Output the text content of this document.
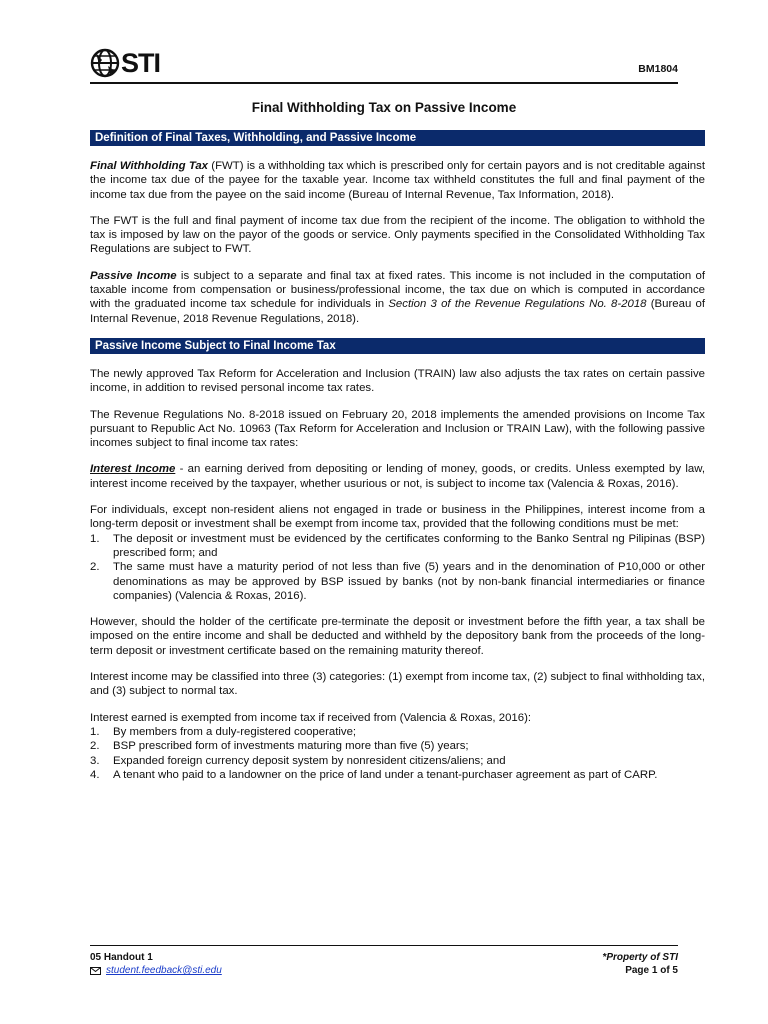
STI	BM1804
Final Withholding Tax on Passive Income
Definition of Final Taxes, Withholding, and Passive Income

Final Withholding Tax (FWT) is a withholding tax which is prescribed only for certain payors and is not creditable against the income tax due of the payee for the taxable year. Income tax withheld constitutes the full and final payment of the income tax due from the payee on the said income (Bureau of Internal Revenue, Tax Information, 2018).

The FWT is the full and final payment of income tax due from the recipient of the income. The obligation to withhold the tax is imposed by law on the payor of the goods or service. Only payments specified in the Consolidated Withholding Tax Regulations are subject to FWT.

Passive Income is subject to a separate and final tax at fixed rates. This income is not included in the computation of taxable income from compensation or business/professional income, the tax due on which is computed in accordance with the graduated income tax schedule for individuals in Section 3 of the Revenue Regulations No. 8-2018 (Bureau of Internal Revenue, 2018 Revenue Regulations, 2018).

Passive Income Subject to Final Income Tax

The newly approved Tax Reform for Acceleration and Inclusion (TRAIN) law also adjusts the tax rates on certain passive income, in addition to revised personal income tax rates.

The Revenue Regulations No. 8-2018 issued on February 20, 2018 implements the amended provisions on Income Tax pursuant to Republic Act No. 10963 (Tax Reform for Acceleration and Inclusion or TRAIN Law), with the following passive incomes subject to final income tax rates:

Interest Income - an earning derived from depositing or lending of money, goods, or credits. Unless exempted by law, interest income received by the taxpayer, whether usurious or not, is subject to income tax (Valencia & Roxas, 2016).

For individuals, except non-resident aliens not engaged in trade or business in the Philippines, interest income from a long-term deposit or investment shall be exempt from income tax, provided that the following conditions must be met:

1.	The deposit or investment must be evidenced by the certificates conforming to the Banko Sentral ng Pilipinas (BSP) prescribed form; and
2.	The same must have a maturity period of not less than five (5) years and in the denomination of P10,000 or other denominations as may be approved by BSP issued by banks (not by non-bank financial intermediaries or finance companies) (Valencia & Roxas, 2016).

However, should the holder of the certificate pre-terminate the deposit or investment before the fifth year, a tax shall be imposed on the entire income and shall be deducted and withheld by the depository bank from the proceeds of the long-term deposit or investment certificate based on the remaining maturity thereof.

Interest income may be classified into three (3) categories: (1) exempt from income tax, (2) subject to final withholding tax, and (3) subject to normal tax.

Interest earned is exempted from income tax if received from (Valencia & Roxas, 2016):

1.	By members from a duly-registered cooperative;
2.	BSP prescribed form of investments maturing more than five (5) years;
3.	Expanded foreign currency deposit system by nonresident citizens/aliens; and
4.	A tenant who paid to a landowner on the price of land under a tenant-purchaser agreement as part of CARP.
05 Handout 1
student.feedback@sti.edu
*Property of STI
Page 1 of 5
